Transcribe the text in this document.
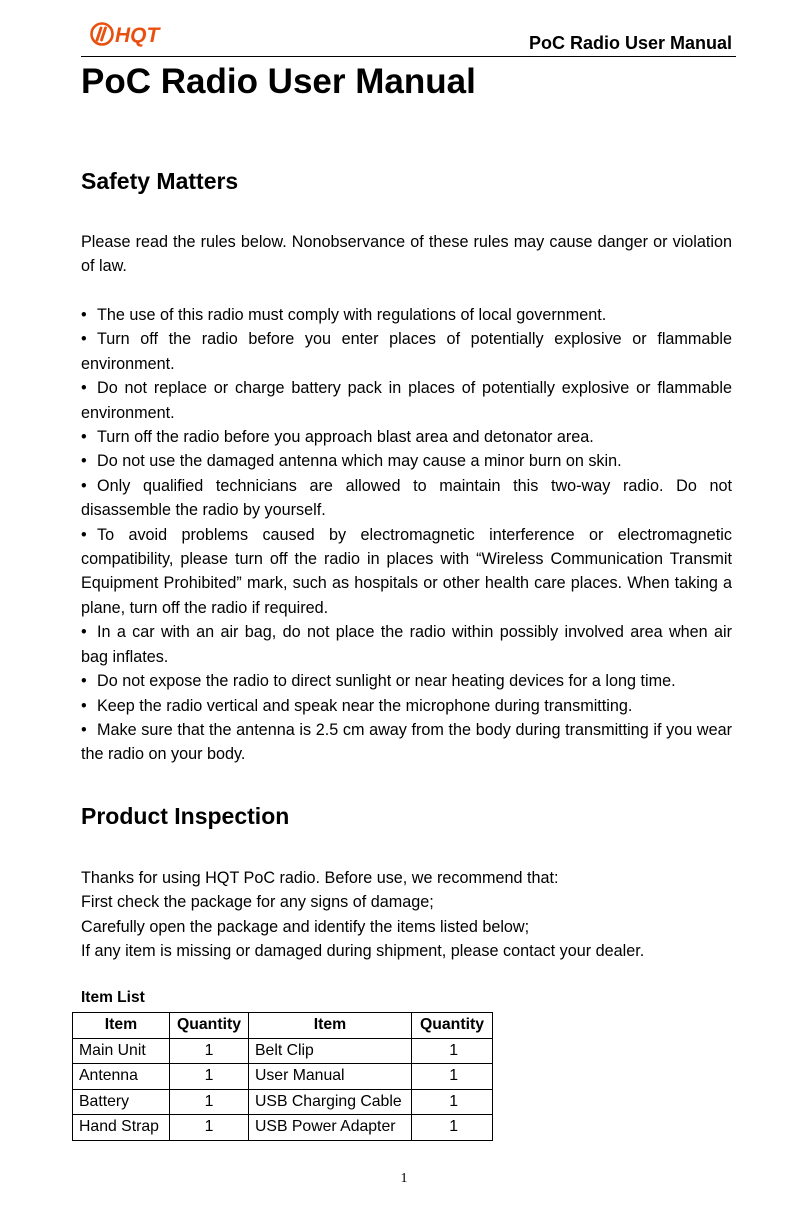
HQT	PoC Radio User Manual
PoC Radio User Manual
Safety Matters
Please read the rules below. Nonobservance of these rules may cause danger or violation of law.
• The use of this radio must comply with regulations of local government.
• Turn off the radio before you enter places of potentially explosive or flammable environment.
• Do not replace or charge battery pack in places of potentially explosive or flammable environment.
• Turn off the radio before you approach blast area and detonator area.
• Do not use the damaged antenna which may cause a minor burn on skin.
• Only qualified technicians are allowed to maintain this two-way radio. Do not disassemble the radio by yourself.
• To avoid problems caused by electromagnetic interference or electromagnetic compatibility, please turn off the radio in places with “Wireless Communication Transmit Equipment Prohibited” mark, such as hospitals or other health care places. When taking a plane, turn off the radio if required.
• In a car with an air bag, do not place the radio within possibly involved area when air bag inflates.
• Do not expose the radio to direct sunlight or near heating devices for a long time.
• Keep the radio vertical and speak near the microphone during transmitting.
• Make sure that the antenna is 2.5 cm away from the body during transmitting if you wear the radio on your body.
Product Inspection
Thanks for using HQT PoC radio. Before use, we recommend that:
First check the package for any signs of damage;
Carefully open the package and identify the items listed below;
If any item is missing or damaged during shipment, please contact your dealer.
Item List
Item	Quantity	Item	Quantity
Main Unit	1	Belt Clip	1
Antenna	1	User Manual	1
Battery	1	USB Charging Cable	1
Hand Strap	1	USB Power Adapter	1
1
